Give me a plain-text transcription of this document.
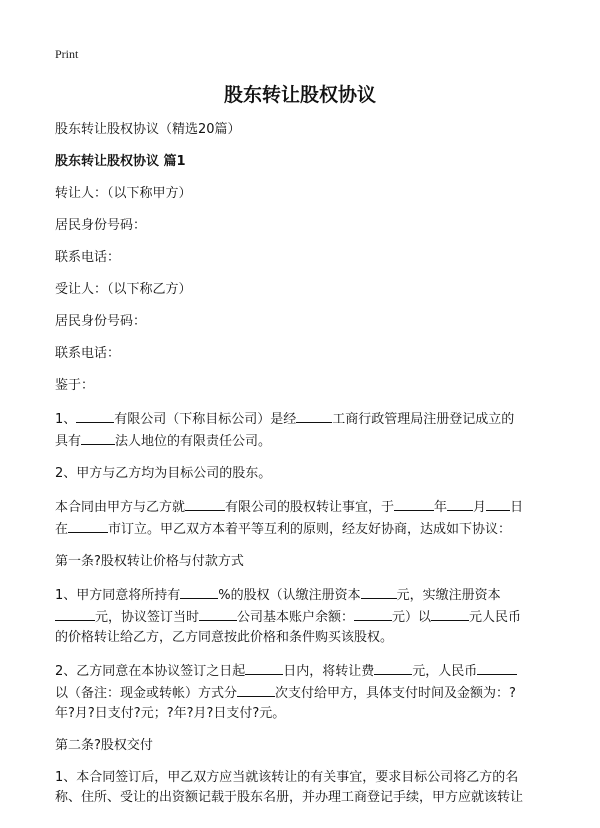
Print
股东转让股权协议

股东转让股权协议（精选20篇）

股东转让股权协议 篇1

转让人：（以下称甲方）

居民身份号码：

联系电话：

受让人：（以下称乙方）

居民身份号码：

联系电话：

鉴于：

1、	有限公司（下称目标公司）是经	工商行政管理局注册登记成立的
具有	法人地位的有限责任公司。

2、甲方与乙方均为目标公司的股东。

本合同由甲方与乙方就	有限公司的股权转让事宜，于	年 月 日
在	市订立。甲乙双方本着平等互利的原则，经友好协商，达成如下协议：

第一条?股权转让价格与付款方式

1、甲方同意将所持有	%的股权（认缴注册资本	元，实缴注册资本
元，协议签订当时	公司基本账户余额：	元）以	元人民币
的价格转让给乙方，乙方同意按此价格和条件购买该股权。

2、乙方同意在本协议签订之日起	日内，将转让费	元，人民币
以（备注：现金或转帐）方式分	次支付给甲方，具体支付时间及金额为：?
年?月?日支付?元；?年?月?日支付?元。

第二条?股权交付

1、本合同签订后，甲乙双方应当就该转让的有关事宜，要求目标公司将乙方的名
称、住所、受让的出资额记载于股东名册，并办理工商登记手续，甲方应就该转让
